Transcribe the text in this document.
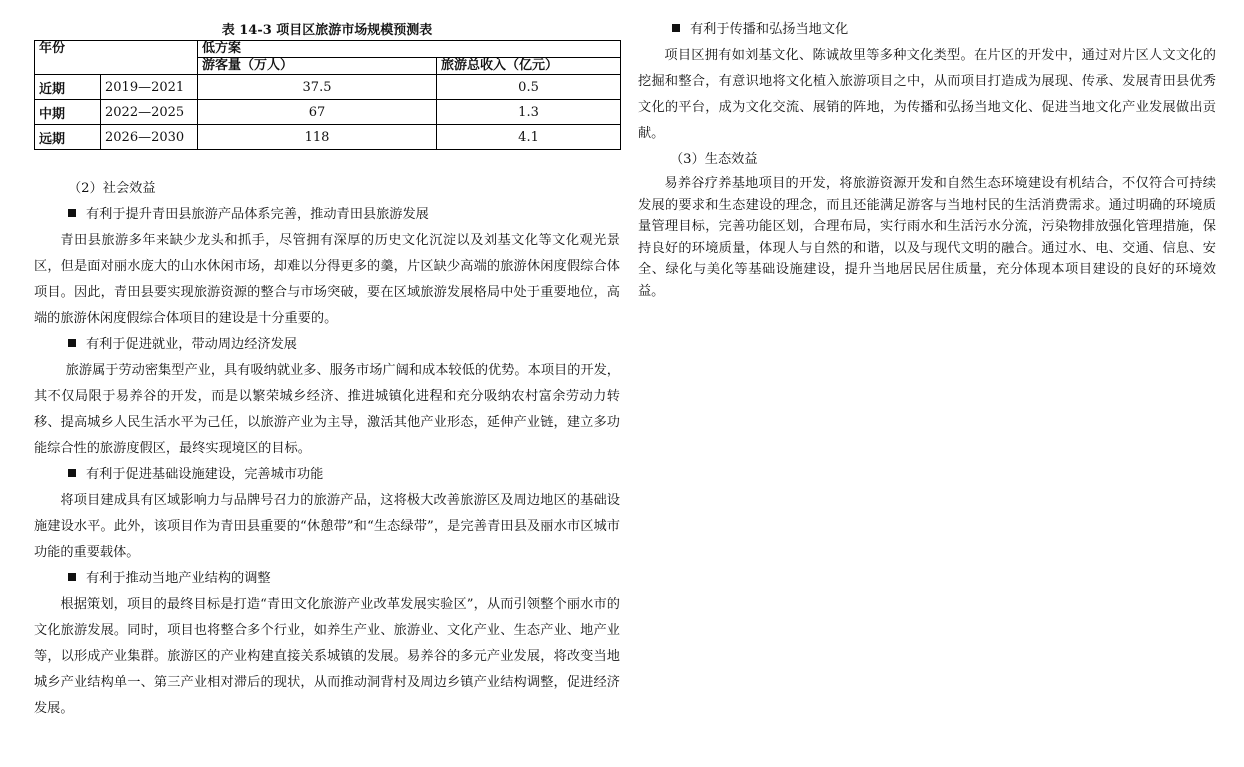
表 14-3 项目区旅游市场规模预测表
年份		低方案	
		游客量（万人）	旅游总收入（亿元）
近期	2019—2021	37.5	0.5
中期	2022—2025	67	1.3
远期	2026—2030	118	4.1

（2）社会效益

有利于提升青田县旅游产品体系完善，推动青田县旅游发展

青田县旅游多年来缺少龙头和抓手，尽管拥有深厚的历史文化沉淀以及刘基文化等文化观光景区，但是面对丽水庞大的山水休闲市场，却难以分得更多的羹，片区缺少高端的旅游休闲度假综合体项目。因此，青田县要实现旅游资源的整合与市场突破，要在区域旅游发展格局中处于重要地位，高端的旅游休闲度假综合体项目的建设是十分重要的。

有利于促进就业，带动周边经济发展

旅游属于劳动密集型产业，具有吸纳就业多、服务市场广阔和成本较低的优势。本项目的开发，其不仅局限于易养谷的开发，而是以繁荣城乡经济、推进城镇化进程和充分吸纳农村富余劳动力转移、提高城乡人民生活水平为己任，以旅游产业为主导，激活其他产业形态，延伸产业链，建立多功能综合性的旅游度假区，最终实现境区的目标。

有利于促进基础设施建设，完善城市功能

将项目建成具有区域影响力与品牌号召力的旅游产品，这将极大改善旅游区及周边地区的基础设施建设水平。此外，该项目作为青田县重要的“休憩带”和“生态绿带”，是完善青田县及丽水市区城市功能的重要载体。

有利于推动当地产业结构的调整

根据策划，项目的最终目标是打造“青田文化旅游产业改革发展实验区”，从而引领整个丽水市的文化旅游发展。同时，项目也将整合多个行业，如养生产业、旅游业、文化产业、生态产业、地产业等，以形成产业集群。旅游区的产业构建直接关系城镇的发展。易养谷的多元产业发展，将改变当地城乡产业结构单一、第三产业相对滞后的现状，从而推动洞背村及周边乡镇产业结构调整，促进经济发展。

有利于传播和弘扬当地文化

项目区拥有如刘基文化、陈诚故里等多种文化类型。在片区的开发中，通过对片区人文文化的挖掘和整合，有意识地将文化植入旅游项目之中，从而项目打造成为展现、传承、发展青田县优秀文化的平台，成为文化交流、展销的阵地，为传播和弘扬当地文化、促进当地文化产业发展做出贡献。

（3）生态效益

易养谷疗养基地项目的开发，将旅游资源开发和自然生态环境建设有机结合，不仅符合可持续发展的要求和生态建设的理念，而且还能满足游客与当地村民的生活消费需求。通过明确的环境质量管理目标，完善功能区划，合理布局，实行雨水和生活污水分流，污染物排放强化管理措施，保持良好的环境质量，体现人与自然的和谐，以及与现代文明的融合。通过水、电、交通、信息、安全、绿化与美化等基础设施建设，提升当地居民居住质量，充分体现本项目建设的良好的环境效益。
